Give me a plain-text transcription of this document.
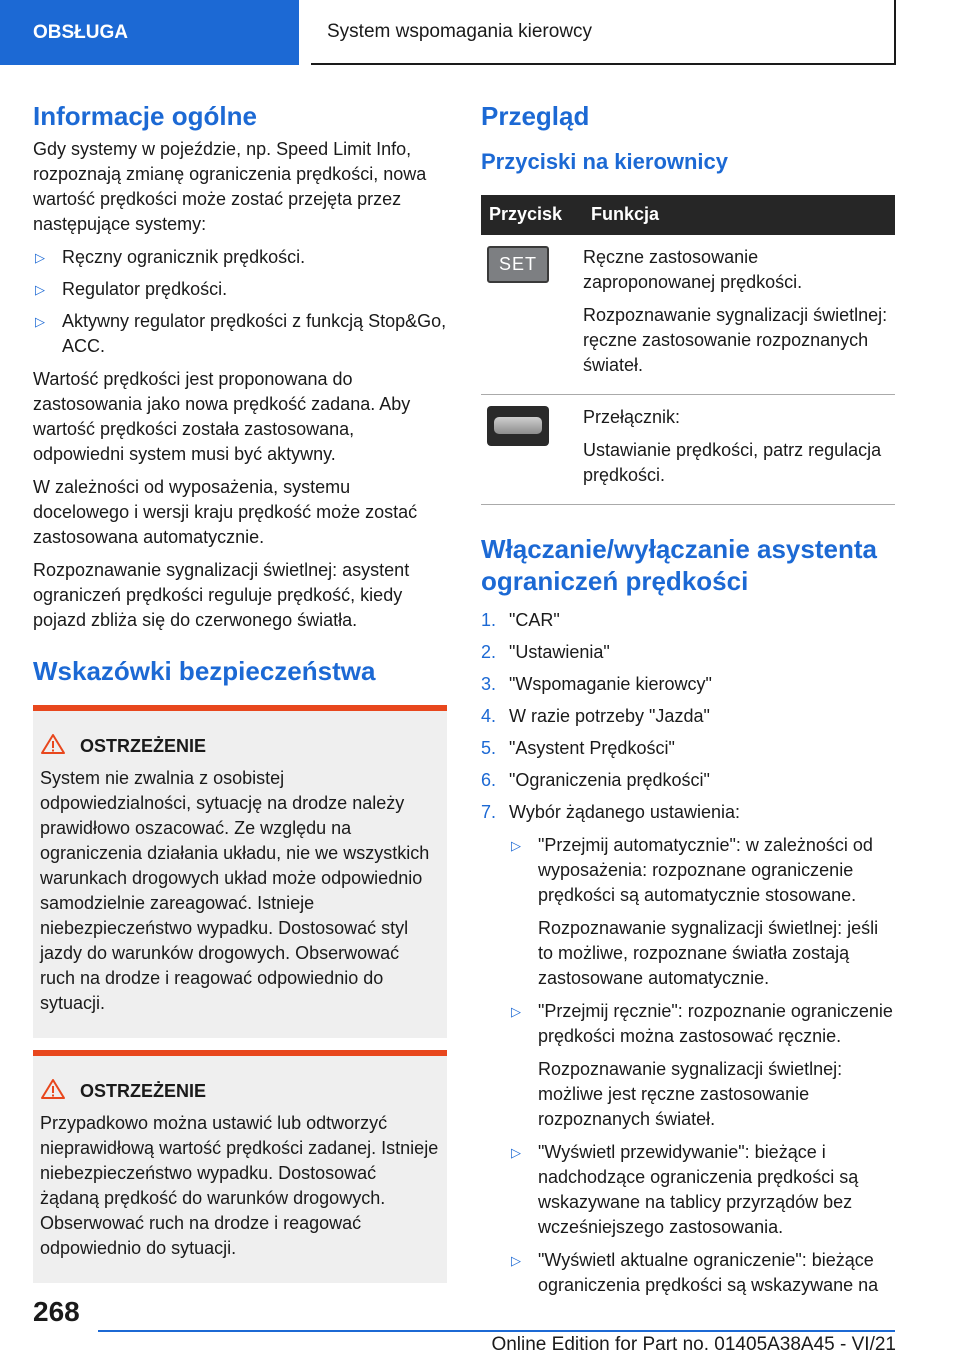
OBSŁUGA	System wspomagania kierowcy
Informacje ogólne

Gdy systemy w pojeździe, np. Speed Limit Info, rozpoznają zmianę ograniczenia prędkości, nowa wartość prędkości może zostać przejęta przez następujące systemy:

▷ Ręczny ogranicznik prędkości.
▷ Regulator prędkości.
▷ Aktywny regulator prędkości z funkcją Stop&Go, ACC.

Wartość prędkości jest proponowana do zastosowania jako nowa prędkość zadana. Aby wartość prędkości została zastosowana, odpowiedni system musi być aktywny.

W zależności od wyposażenia, systemu docelowego i wersji kraju prędkość może zostać zastosowana automatycznie.

Rozpoznawanie sygnalizacji świetlnej: asystent ograniczeń prędkości reguluje prędkość, kiedy pojazd zbliża się do czerwonego światła.

Wskazówki bezpieczeństwa
OSTRZEŻENIE

System nie zwalnia z osobistej odpowiedzialności, sytuację na drodze należy prawidłowo oszacować. Ze względu na ograniczenia działania układu, nie we wszystkich warunkach drogowych układ może odpowiednio samodzielnie zareagować. Istnieje niebezpieczeństwo wypadku. Dostosować styl jazdy do warunków drogowych. Obserwować ruch na drodze i reagować odpowiednio do sytuacji.

OSTRZEŻENIE

Przypadkowo można ustawić lub odtworzyć nieprawidłową wartość prędkości zadanej. Istnieje niebezpieczeństwo wypadku. Dostosować żądaną prędkość do warunków drogowych. Obserwować ruch na drodze i reagować odpowiednio do sytuacji.

Przegląd
Przyciski na kierownicy
Przycisk	Funkcja

SET	Ręczne zastosowanie zaproponowanej prędkości.

Rozpoznawanie sygnalizacji świetlnej: ręczne zastosowanie rozpoznanych świateł.

	Przełącznik:

Ustawianie prędkości, patrz regulacja prędkości.

Włączanie/wyłączanie asystenta ograniczeń prędkości
1. "CAR"
2. "Ustawienia"
3. "Wspomaganie kierowcy"
4. W razie potrzeby "Jazda"
5. "Asystent Prędkości"
6. "Ograniczenia prędkości"
7. Wybór żądanego ustawienia:
▷ "Przejmij automatycznie": w zależności od wyposażenia: rozpoznane ograniczenie prędkości są automatycznie stosowane.

Rozpoznawanie sygnalizacji świetlnej: jeśli to możliwe, rozpoznane światła zostają zastosowane automatycznie.

▷ "Przejmij ręcznie": rozpoznanie ograniczenie prędkości można zastosować ręcznie.

Rozpoznawanie sygnalizacji świetlnej: możliwe jest ręczne zastosowanie rozpoznanych świateł.

▷ "Wyświetl przewidywanie": bieżące i nadchodzące ograniczenia prędkości są wskazywane na tablicy przyrządów bez wcześniejszego zastosowania.

▷ "Wyświetl aktualne ograniczenie": bieżące ograniczenia prędkości są wskazywane na

268
Online Edition for Part no. 01405A38A45 - VI/21
